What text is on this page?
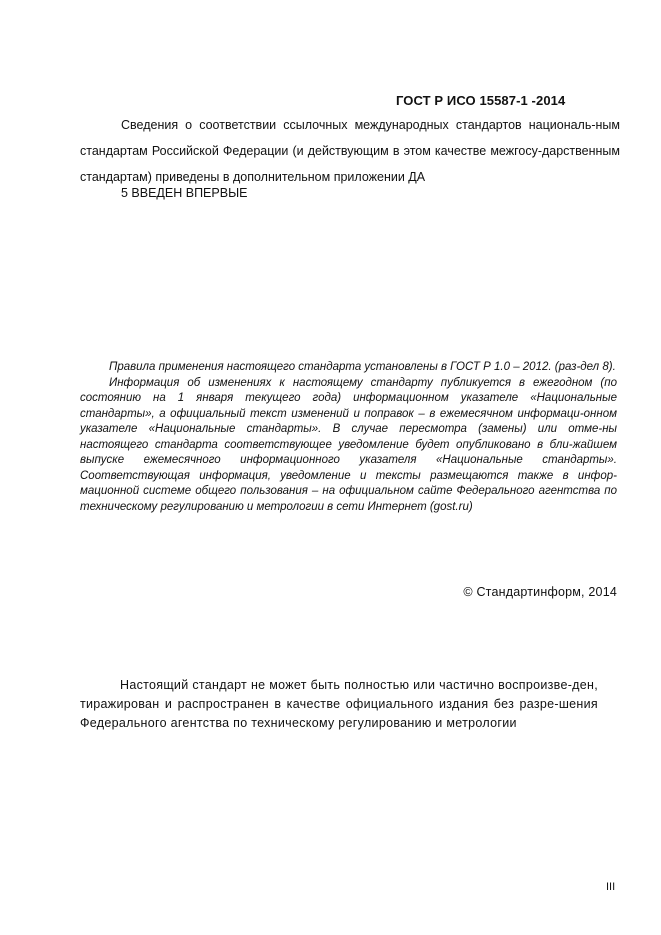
ГОСТ Р ИСО 15587-1 -2014
Сведения о соответствии ссылочных международных стандартов националь-ным стандартам Российской Федерации (и действующим в этом качестве межгосу-дарственным стандартам) приведены в дополнительном приложении ДА
5 ВВЕДЕН ВПЕРВЫЕ

Правила применения настоящего стандарта установлены в ГОСТ Р 1.0 – 2012. (раз-дел 8).

Информация об изменениях к настоящему стандарту публикуется в ежегодном (по состоянию на 1 января текущего года) информационном указателе «Национальные стандарты», а официальный текст изменений и поправок – в ежемесячном информаци-онном указателе «Национальные стандарты». В случае пересмотра (замены) или отме-ны настоящего стандарта соответствующее уведомление будет опубликовано в бли-жайшем выпуске ежемесячного информационного указателя «Национальные стандарты». Соответствующая информация, уведомление и тексты размещаются также в инфор-мационной системе общего пользования – на официальном сайте Федерального агентства по техническому регулированию и метрологии в сети Интернет (gost.ru)

© Стандартинформ, 2014
Настоящий стандарт не может быть полностью или частично воспроизве-ден, тиражирован и распространен в качестве официального издания без разре-шения Федерального агентства по техническому регулированию и метрологии
III
